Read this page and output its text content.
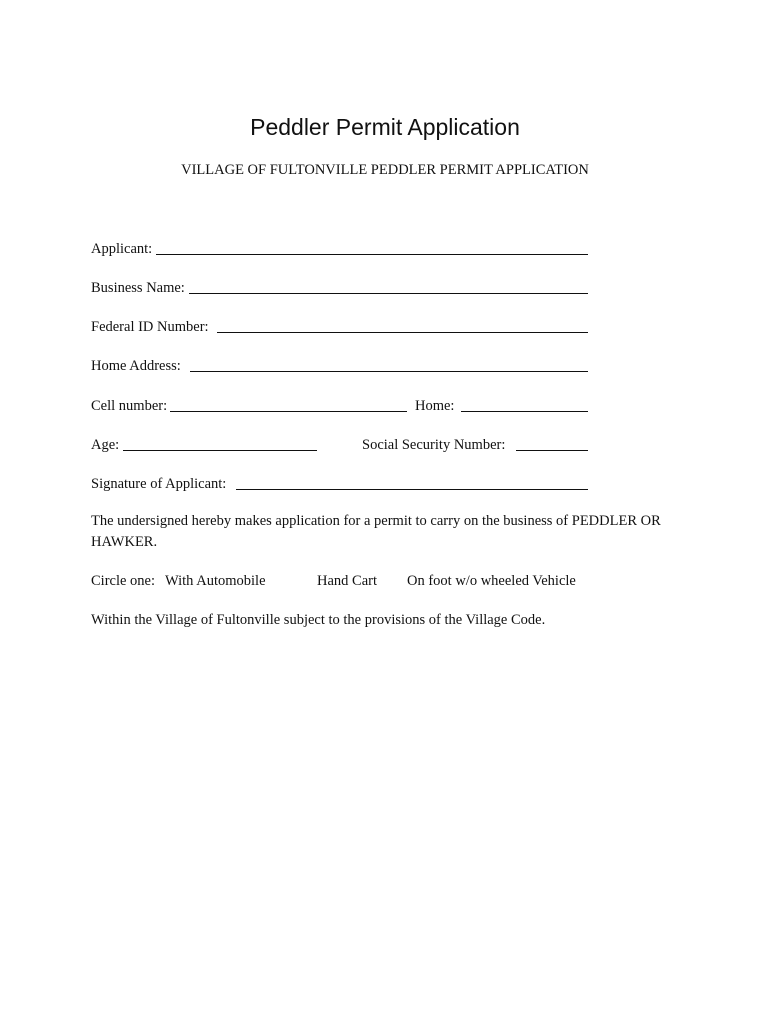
Peddler Permit Application
VILLAGE OF FULTONVILLE PEDDLER PERMIT APPLICATION
Applicant:
Business Name:
Federal ID Number:
Home Address:
Cell number:	Home:
Age:	Social Security Number:
Signature of Applicant:
The undersigned hereby makes application for a permit to carry on the business of PEDDLER OR HAWKER.
Circle one: With Automobile	Hand Cart On foot w/o wheeled Vehicle
Within the Village of Fultonville subject to the provisions of the Village Code.
